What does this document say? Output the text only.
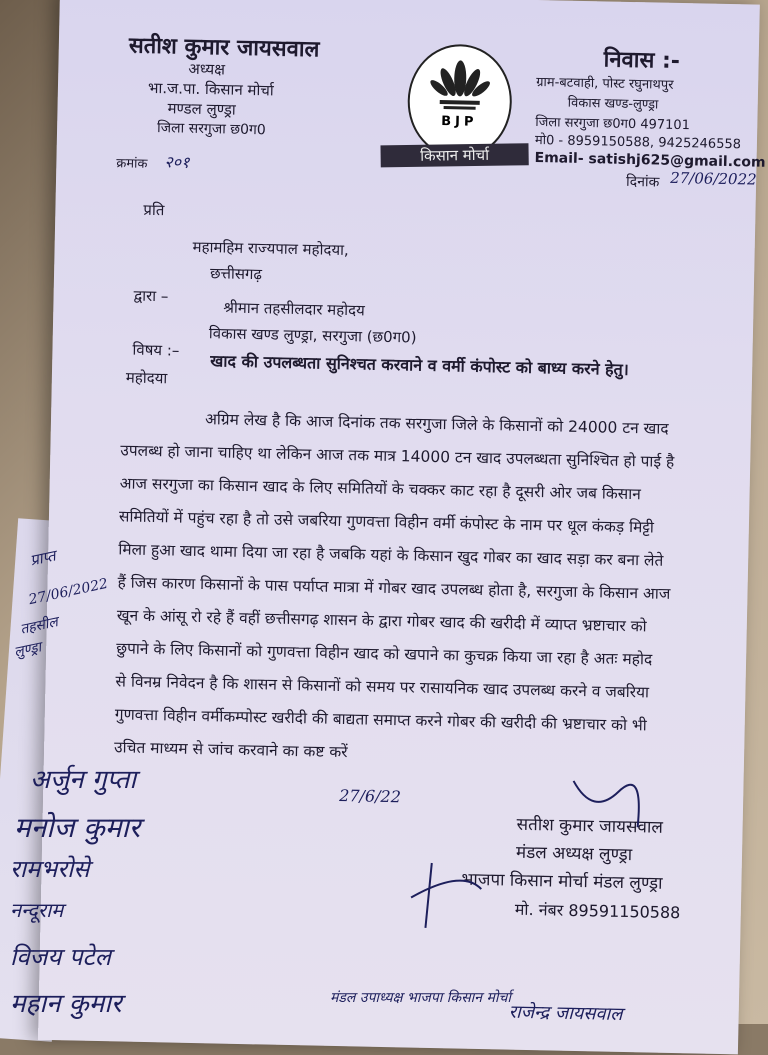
सतीश कुमार जायसवाल
अध्यक्ष
भा.ज.पा. किसान मोर्चा
मण्डल लुण्ड्रा
जिला सरगुजा छ0ग0	BJP
किसान मोर्चा
निवास :-
ग्राम-बटवाही, पोस्ट रघुनाथपुर
विकास खण्ड-लुण्ड्रा
जिला सरगुजा छ0ग0 497101
मो0 - 8959150588, 9425246558
Email- satishj625@gmail.com
क्रमांक २०१
दिनांक 27/06/2022
प्रति
महामहिम राज्यपाल महोदया,
छत्तीसगढ़
द्वारा –
श्रीमान तहसीलदार महोदय
विकास खण्ड लुण्ड्रा, सरगुजा (छ0ग0)
विषय :–
खाद की उपलब्धता सुनिश्चत करवाने व वर्मी कंपोस्ट को बाध्य करने हेतु।
महोदया
अग्रिम लेख है कि आज दिनांक तक सरगुजा जिले के किसानों को 24000 टन खाद
उपलब्ध हो जाना चाहिए था लेकिन आज तक मात्र 14000 टन खाद उपलब्धता सुनिश्चित हो पाई है
आज सरगुजा का किसान खाद के लिए समितियों के चक्कर काट रहा है दूसरी ओर जब किसान
समितियों में पहुंच रहा है तो उसे जबरिया गुणवत्ता विहीन वर्मी कंपोस्ट के नाम पर धूल कंकड़ मिट्टी
मिला हुआ खाद थामा दिया जा रहा है जबकि यहां के किसान खुद गोबर का खाद सड़ा कर बना लेते
हैं जिस कारण किसानों के पास पर्याप्त मात्रा में गोबर खाद उपलब्ध होता है, सरगुजा के किसान आज
खून के आंसू रो रहे हैं वहीं छत्तीसगढ़ शासन के द्वारा गोबर खाद की खरीदी में व्याप्त भ्रष्टाचार को
छुपाने के लिए किसानों को गुणवत्ता विहीन खाद को खपाने का कुचक्र किया जा रहा है अतः महोद
से विनम्र निवेदन है कि शासन से किसानों को समय पर रासायनिक खाद उपलब्ध करने व जबरिया
गुणवत्ता विहीन वर्मीकम्पोस्ट खरीदी की बाद्यता समाप्त करने गोबर की खरीदी की भ्रष्टाचार को भी
उचित माध्यम से जांच करवाने का कष्ट करें
सतीश कुमार जायसवाल
मंडल अध्यक्ष लुण्ड्रा
भाजपा किसान मोर्चा मंडल लुण्ड्रा
मो. नंबर 89591150588
27/6/22
राजेन्द्र जायसवाल
प्राप्त
27/06/2022
तहसील
लुण्ड्रा
अर्जुन गुप्ता
मनोज कुमार
रामभरोसे
नन्दूराम
विजय पटेल
महान कुमार	मंडल उपाध्यक्ष भाजपा किसान मोर्चा
